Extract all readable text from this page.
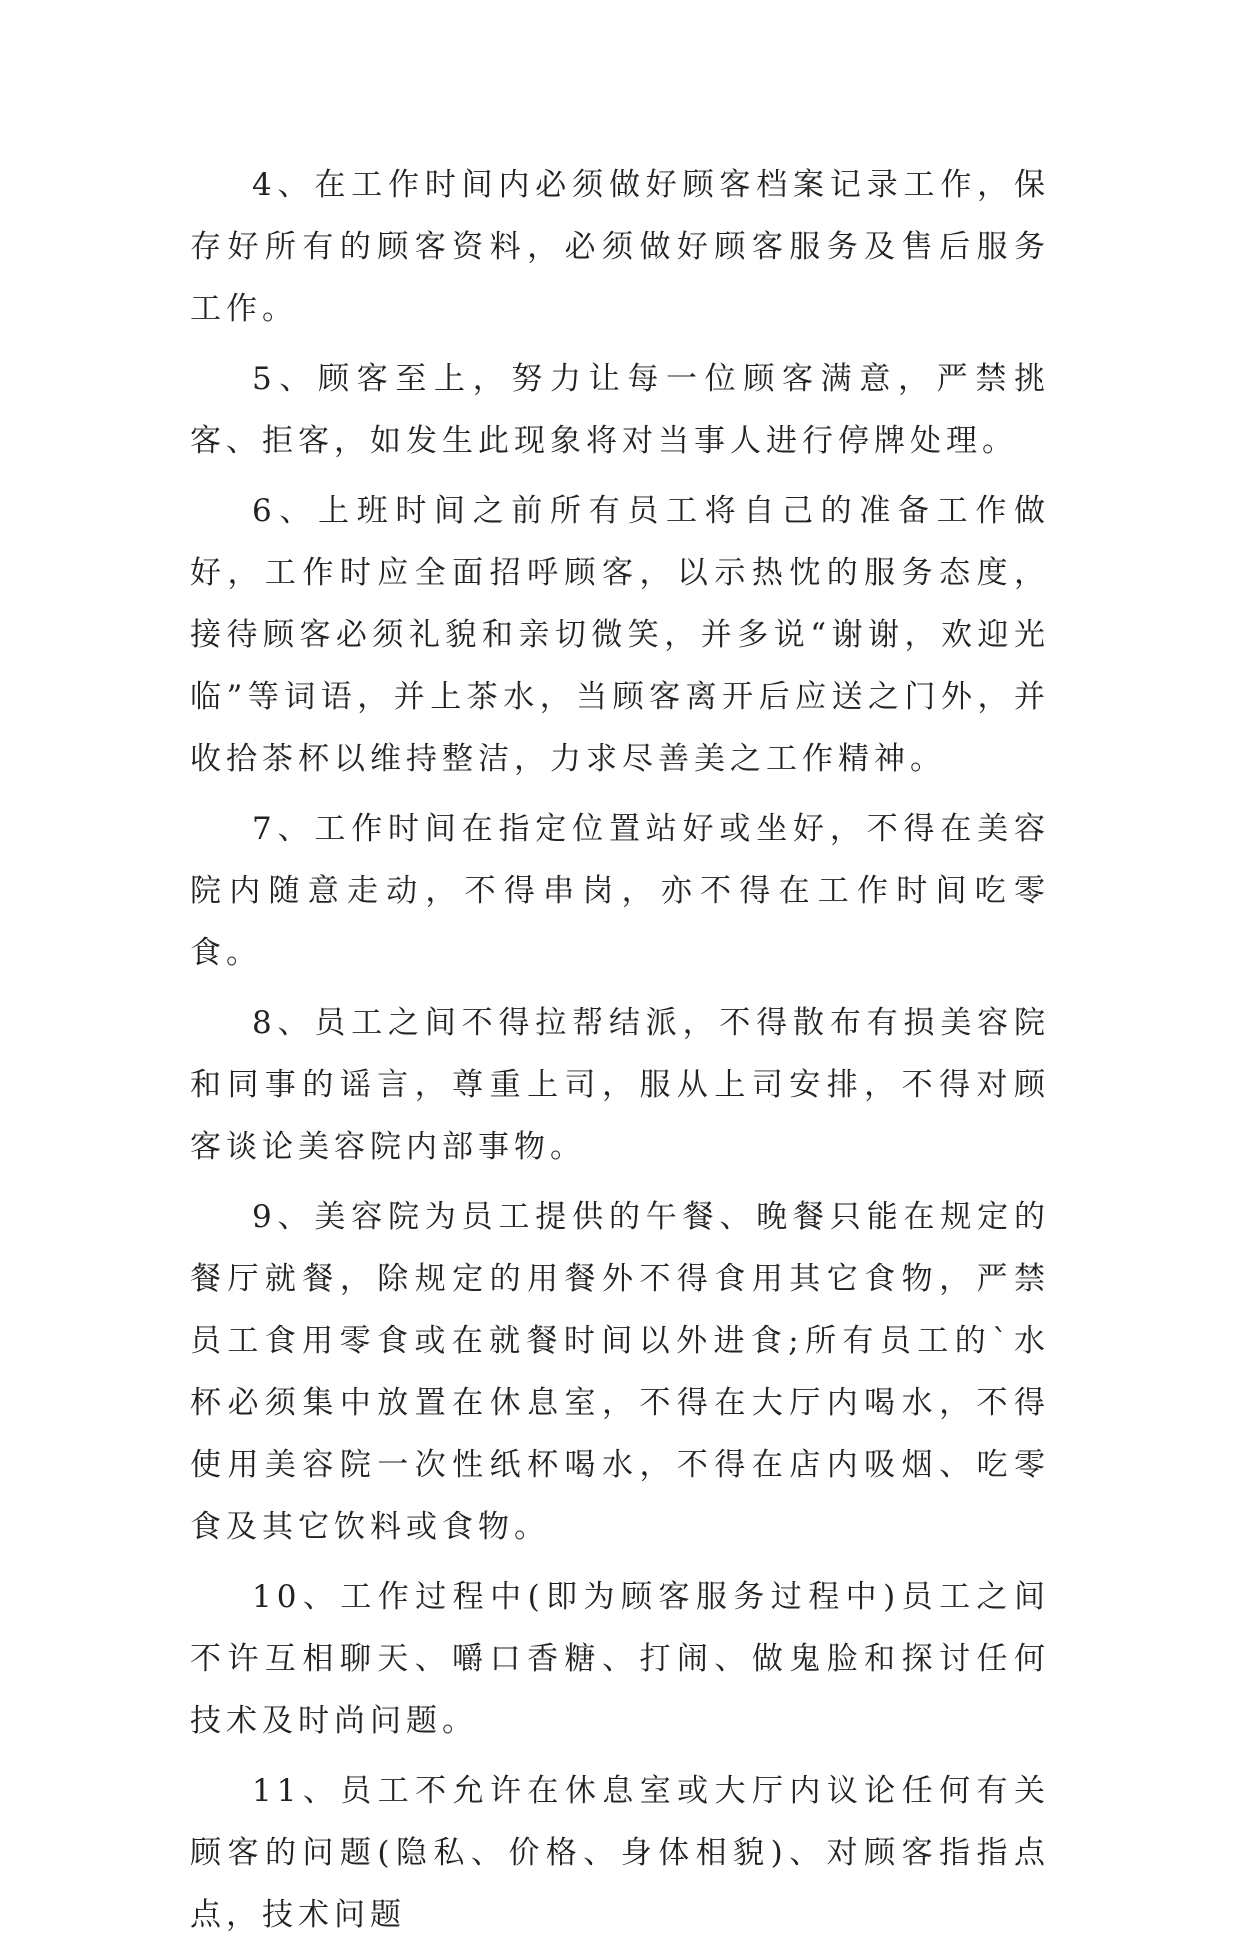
4、在工作时间内必须做好顾客档案记录工作，保存好所有的顾客资料，必须做好顾客服务及售后服务工作。

5、顾客至上，努力让每一位顾客满意，严禁挑客、拒客，如发生此现象将对当事人进行停牌处理。

6、上班时间之前所有员工将自己的准备工作做好，工作时应全面招呼顾客，以示热忱的服务态度，接待顾客必须礼貌和亲切微笑，并多说“谢谢，欢迎光临”等词语，并上茶水，当顾客离开后应送之门外，并收拾茶杯以维持整洁，力求尽善美之工作精神。

7、工作时间在指定位置站好或坐好，不得在美容院内随意走动，不得串岗，亦不得在工作时间吃零食。

8、员工之间不得拉帮结派，不得散布有损美容院和同事的谣言，尊重上司，服从上司安排，不得对顾客谈论美容院内部事物。

9、美容院为员工提供的午餐、晚餐只能在规定的餐厅就餐，除规定的用餐外不得食用其它食物，严禁员工食用零食或在就餐时间以外进食;所有员工的`水杯必须集中放置在休息室，不得在大厅内喝水，不得使用美容院一次性纸杯喝水，不得在店内吸烟、吃零食及其它饮料或食物。

10、工作过程中(即为顾客服务过程中)员工之间不许互相聊天、嚼口香糖、打闹、做鬼脸和探讨任何技术及时尚问题。

11、员工不允许在休息室或大厅内议论任何有关顾客的问题(隐私、价格、身体相貌)、对顾客指指点点，技术问题
